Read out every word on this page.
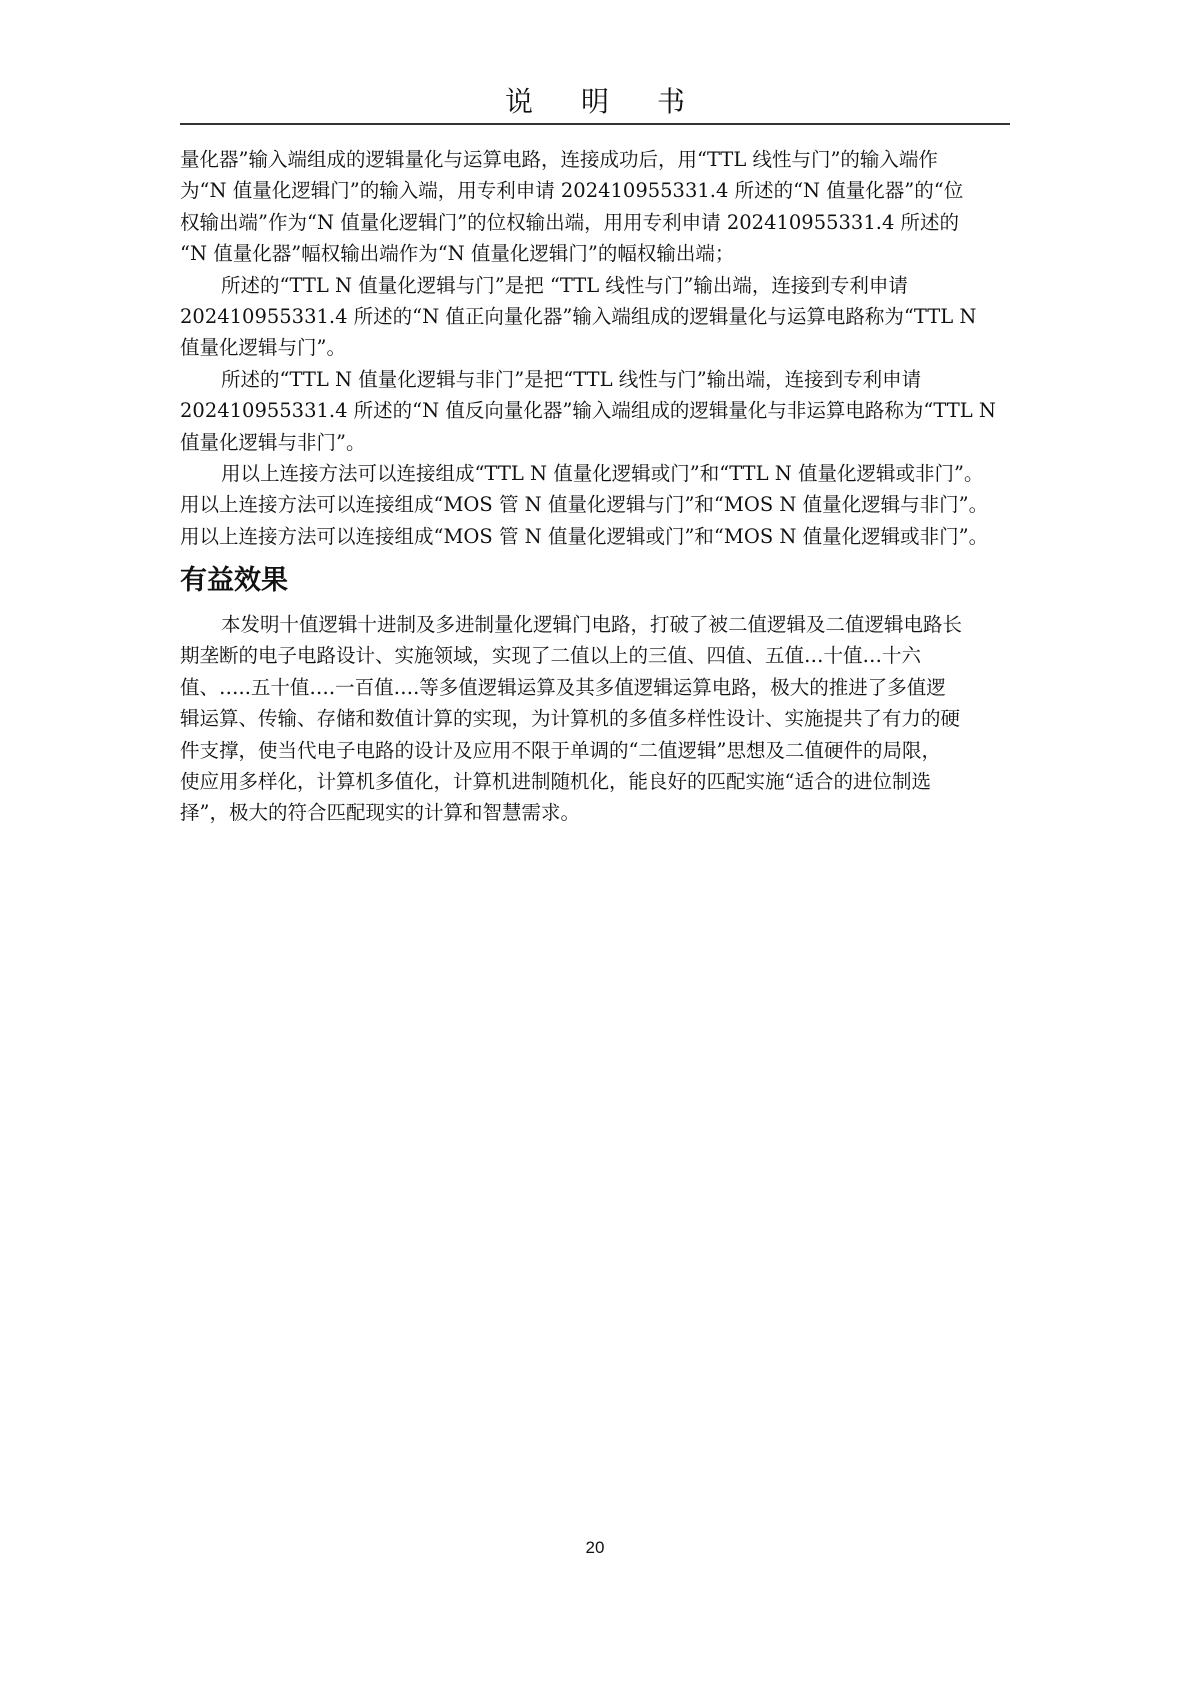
说明书
量化器”输入端组成的逻辑量化与运算电路，连接成功后，用“TTL 线性与门”的输入端作
为“N 值量化逻辑门”的输入端，用专利申请 202410955331.4 所述的“N 值量化器”的“位
权输出端”作为“N 值量化逻辑门”的位权输出端，用用专利申请 202410955331.4 所述的
“N 值量化器”幅权输出端作为“N 值量化逻辑门”的幅权输出端；
所述的“TTL N 值量化逻辑与门”是把 “TTL 线性与门”输出端，连接到专利申请
202410955331.4 所述的“N 值正向量化器”输入端组成的逻辑量化与运算电路称为“TTL N
值量化逻辑与门”。
所述的“TTL N 值量化逻辑与非门”是把“TTL 线性与门”输出端，连接到专利申请
202410955331.4 所述的“N 值反向量化器”输入端组成的逻辑量化与非运算电路称为“TTL N
值量化逻辑与非门”。
用以上连接方法可以连接组成“TTL N 值量化逻辑或门”和“TTL N 值量化逻辑或非门”。
用以上连接方法可以连接组成“MOS 管 N 值量化逻辑与门”和“MOS N 值量化逻辑与非门”。
用以上连接方法可以连接组成“MOS 管 N 值量化逻辑或门”和“MOS N 值量化逻辑或非门”。
有益效果
本发明十值逻辑十进制及多进制量化逻辑门电路，打破了被二值逻辑及二值逻辑电路长
期垄断的电子电路设计、实施领域，实现了二值以上的三值、四值、五值…十值…十六
值、…..五十值….一百值….等多值逻辑运算及其多值逻辑运算电路，极大的推进了多值逻
辑运算、传输、存储和数值计算的实现，为计算机的多值多样性设计、实施提共了有力的硬
件支撑，使当代电子电路的设计及应用不限于单调的“二值逻辑”思想及二值硬件的局限，
使应用多样化，计算机多值化，计算机进制随机化，能良好的匹配实施“适合的进位制选
择”，极大的符合匹配现实的计算和智慧需求。
20
